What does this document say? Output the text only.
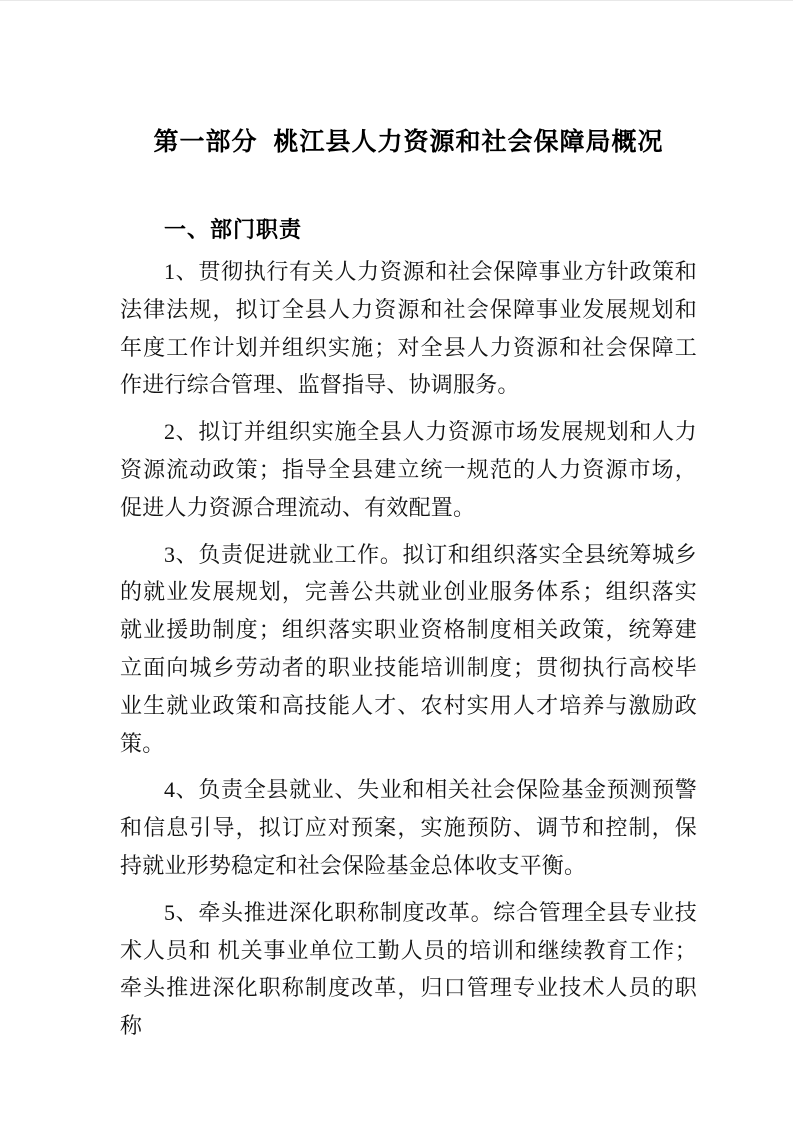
第一部分  桃江县人力资源和社会保障局概况
一、部门职责

1、贯彻执行有关人力资源和社会保障事业方针政策和法律法规，拟订全县人力资源和社会保障事业发展规划和年度工作计划并组织实施；对全县人力资源和社会保障工作进行综合管理、监督指导、协调服务。

2、拟订并组织实施全县人力资源市场发展规划和人力资源流动政策；指导全县建立统一规范的人力资源市场，促进人力资源合理流动、有效配置。

3、负责促进就业工作。拟订和组织落实全县统筹城乡的就业发展规划，完善公共就业创业服务体系；组织落实就业援助制度；组织落实职业资格制度相关政策，统筹建立面向城乡劳动者的职业技能培训制度；贯彻执行高校毕业生就业政策和高技能人才、农村实用人才培养与激励政策。

4、负责全县就业、失业和相关社会保险基金预测预警和信息引导，拟订应对预案，实施预防、调节和控制，保持就业形势稳定和社会保险基金总体收支平衡。

5、牵头推进深化职称制度改革。综合管理全县专业技术人员和 机关事业单位工勤人员的培训和继续教育工作；牵头推进深化职称制度改革，归口管理专业技术人员的职称
